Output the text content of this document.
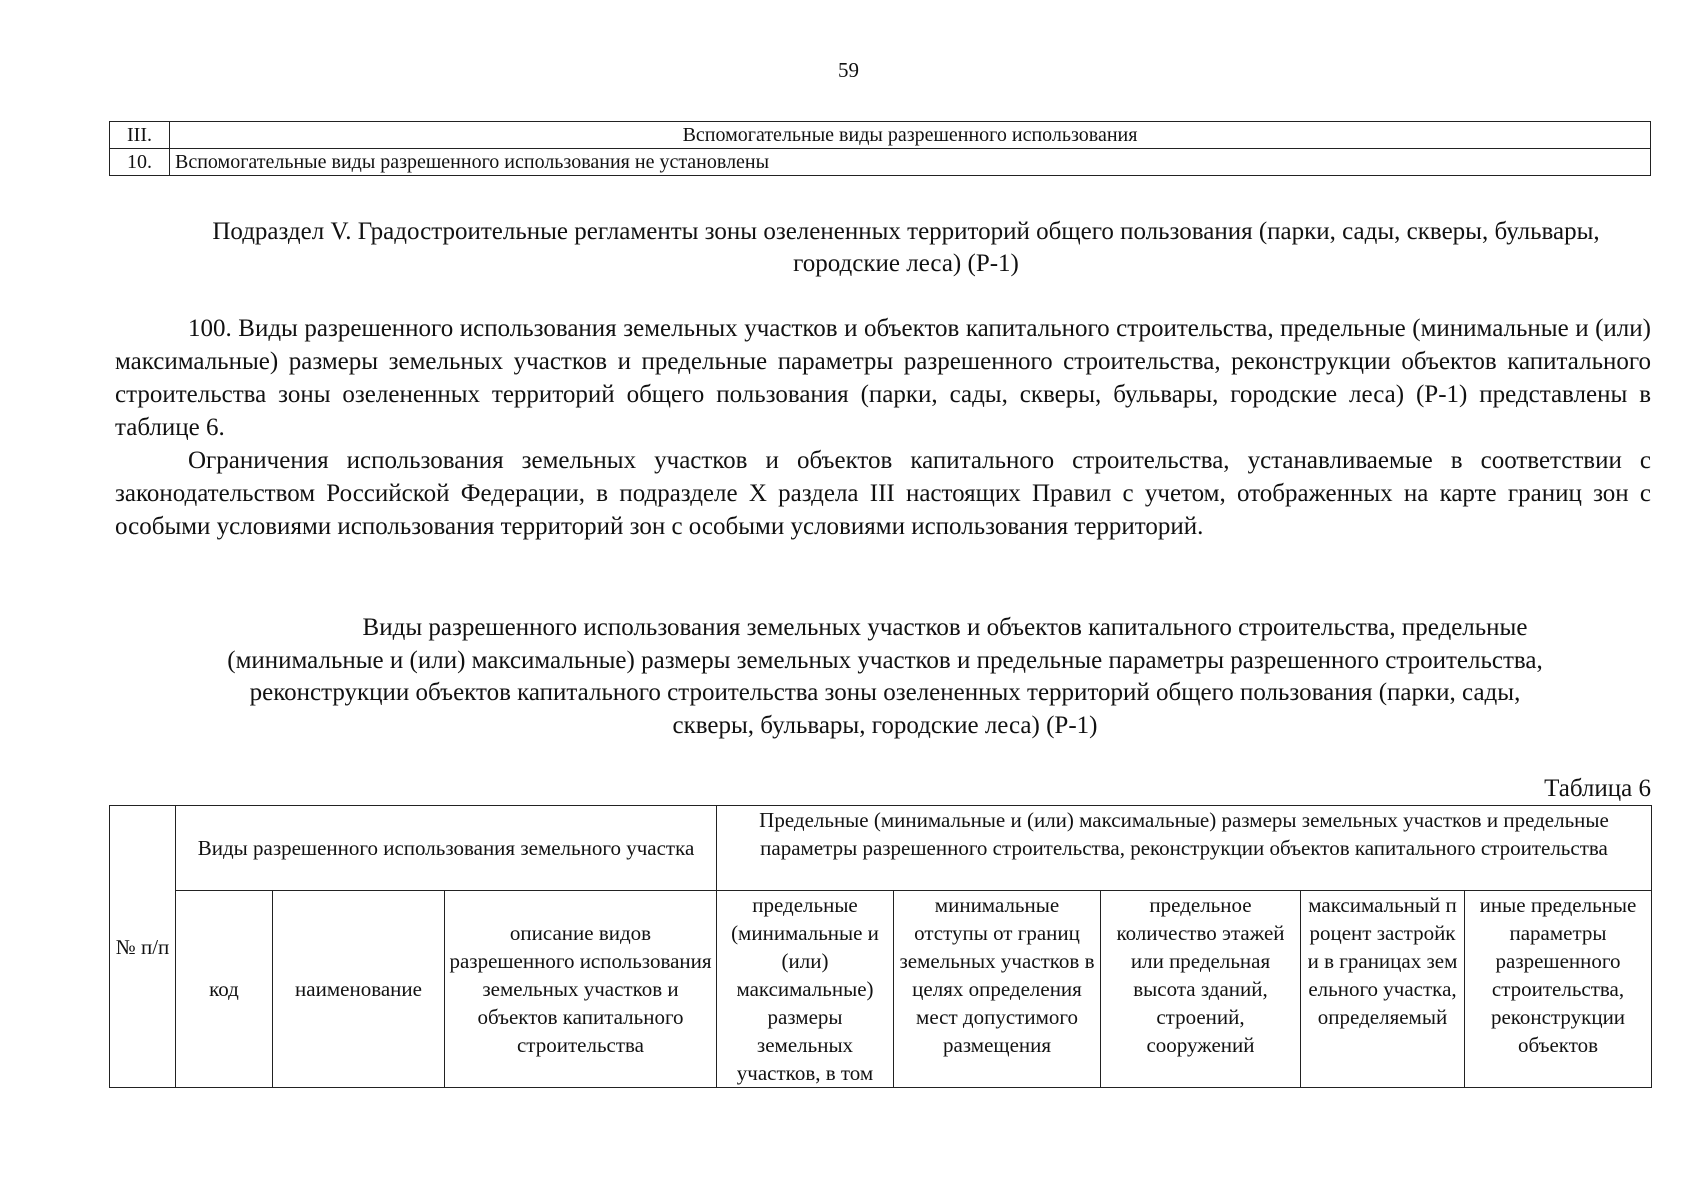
59
III.	Вспомогательные виды разрешенного использования
10.	Вспомогательные виды разрешенного использования не установлены
Подраздел V. Градостроительные регламенты зоны озелененных территорий общего пользования (парки, сады, скверы, бульвары, городские леса) (Р-1)

100. Виды разрешенного использования земельных участков и объектов капитального строительства, предельные (минимальные и (или) максимальные) размеры земельных участков и предельные параметры разрешенного строительства, реконструкции объектов капитального строительства зоны озелененных территорий общего пользования (парки, сады, скверы, бульвары, городские леса) (Р-1) представлены в таблице 6.

Ограничения использования земельных участков и объектов капитального строительства, устанавливаемые в соответствии с законодательством Российской Федерации, в подразделе X раздела III настоящих Правил с учетом, отображенных на карте границ зон с особыми условиями использования территорий зон с особыми условиями использования территорий.

Виды разрешенного использования земельных участков и объектов капитального строительства, предельные
(минимальные и (или) максимальные) размеры земельных участков и предельные параметры разрешенного строительства,
реконструкции объектов капитального строительства зоны озелененных территорий общего пользования (парки, сады,
скверы, бульвары, городские леса) (Р-1)
Таблица 6
№ п/п	Виды разрешенного использования земельного участка			Предельные (минимальные и (или) максимальные) размеры земельных участков и предельные параметры разрешенного строительства, реконструкции объектов капитального строительства				
	код	наименование	описание видов разрешенного использования земельных участков и объектов капитального строительства	предельные (минимальные и (или) максимальные) размеры земельных участков, в том	минимальные отступы от границ земельных участков в целях определения мест допустимого размещения	предельное количество этажей или предельная высота зданий, строений, сооружений	максимальный процент застройки в границах земельного участка, определяемый	иные предельные параметры разрешенного строительства, реконструкции объектов
